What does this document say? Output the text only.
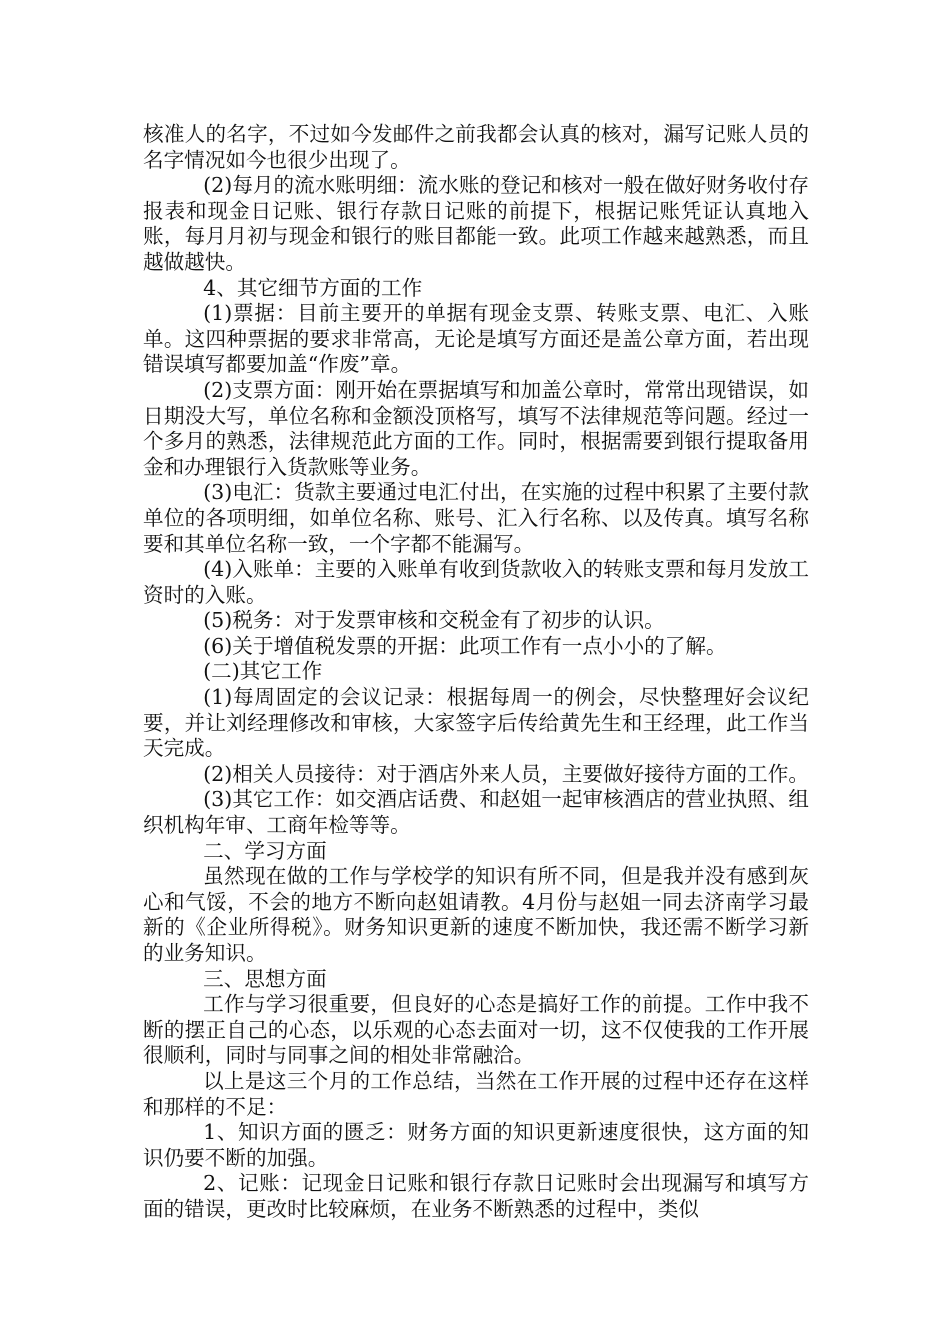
核准人的名字，不过如今发邮件之前我都会认真的核对，漏写记账人员的名字情况如今也很少出现了。

(2)每月的流水账明细：流水账的登记和核对一般在做好财务收付存报表和现金日记账、银行存款日记账的前提下，根据记账凭证认真地入账，每月月初与现金和银行的账目都能一致。此项工作越来越熟悉，而且越做越快。

4、其它细节方面的工作

(1)票据：目前主要开的单据有现金支票、转账支票、电汇、入账单。这四种票据的要求非常高，无论是填写方面还是盖公章方面，若出现错误填写都要加盖“作废”章。

(2)支票方面：刚开始在票据填写和加盖公章时，常常出现错误，如日期没大写，单位名称和金额没顶格写，填写不法律规范等问题。经过一个多月的熟悉，法律规范此方面的工作。同时，根据需要到银行提取备用金和办理银行入货款账等业务。

(3)电汇：货款主要通过电汇付出，在实施的过程中积累了主要付款单位的各项明细，如单位名称、账号、汇入行名称、以及传真。填写名称要和其单位名称一致，一个字都不能漏写。

(4)入账单：主要的入账单有收到货款收入的转账支票和每月发放工资时的入账。

(5)税务：对于发票审核和交税金有了初步的认识。

(6)关于增值税发票的开据：此项工作有一点小小的了解。

(二)其它工作

(1)每周固定的会议记录：根据每周一的例会，尽快整理好会议纪要，并让刘经理修改和审核，大家签字后传给黄先生和王经理，此工作当天完成。

(2)相关人员接待：对于酒店外来人员，主要做好接待方面的工作。

(3)其它工作：如交酒店话费、和赵姐一起审核酒店的营业执照、组织机构年审、工商年检等等。

二、学习方面

虽然现在做的工作与学校学的知识有所不同，但是我并没有感到灰心和气馁，不会的地方不断向赵姐请教。4月份与赵姐一同去济南学习最新的《企业所得税》。财务知识更新的速度不断加快，我还需不断学习新的业务知识。

三、思想方面

工作与学习很重要，但良好的心态是搞好工作的前提。工作中我不断的摆正自己的心态，以乐观的心态去面对一切，这不仅使我的工作开展很顺利，同时与同事之间的相处非常融洽。

以上是这三个月的工作总结，当然在工作开展的过程中还存在这样和那样的不足：

1、知识方面的匮乏：财务方面的知识更新速度很快，这方面的知识仍要不断的加强。

2、记账：记现金日记账和银行存款日记账时会出现漏写和填写方面的错误，更改时比较麻烦，在业务不断熟悉的过程中，类似
